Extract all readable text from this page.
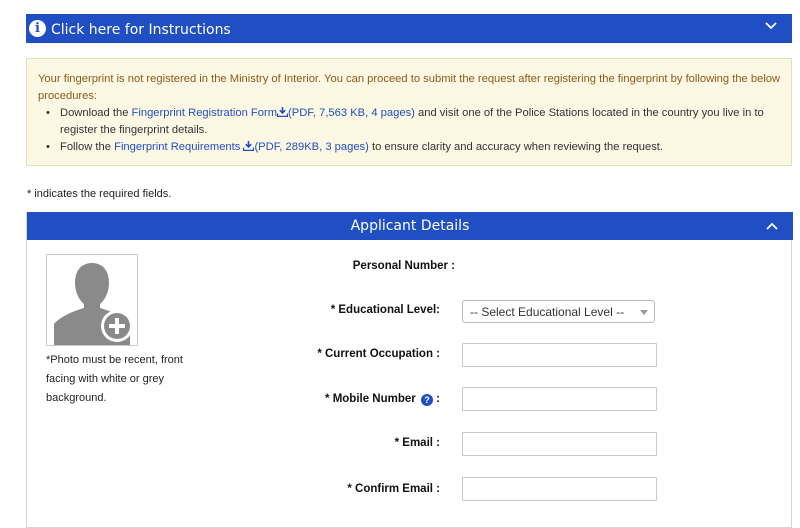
i Click here for Instructions
Your fingerprint is not registered in the Ministry of Interior. You can proceed to submit the request after registering the fingerprint by following the below procedures:
• Download the Fingerprint Registration Form (PDF, 7,563 KB, 4 pages) and visit one of the Police Stations located in the country you live in to
register the fingerprint details.
• Follow the Fingerprint Requirements (PDF, 289KB, 3 pages) to ensure clarity and accuracy when reviewing the request.
* indicates the required fields.
Applicant Details
*Photo must be recent, front
facing with white or grey
background.
Personal Number :
* Educational Level:	-- Select Educational Level --
* Current Occupation :
* Mobile Number ? :
* Email :
* Confirm Email :
